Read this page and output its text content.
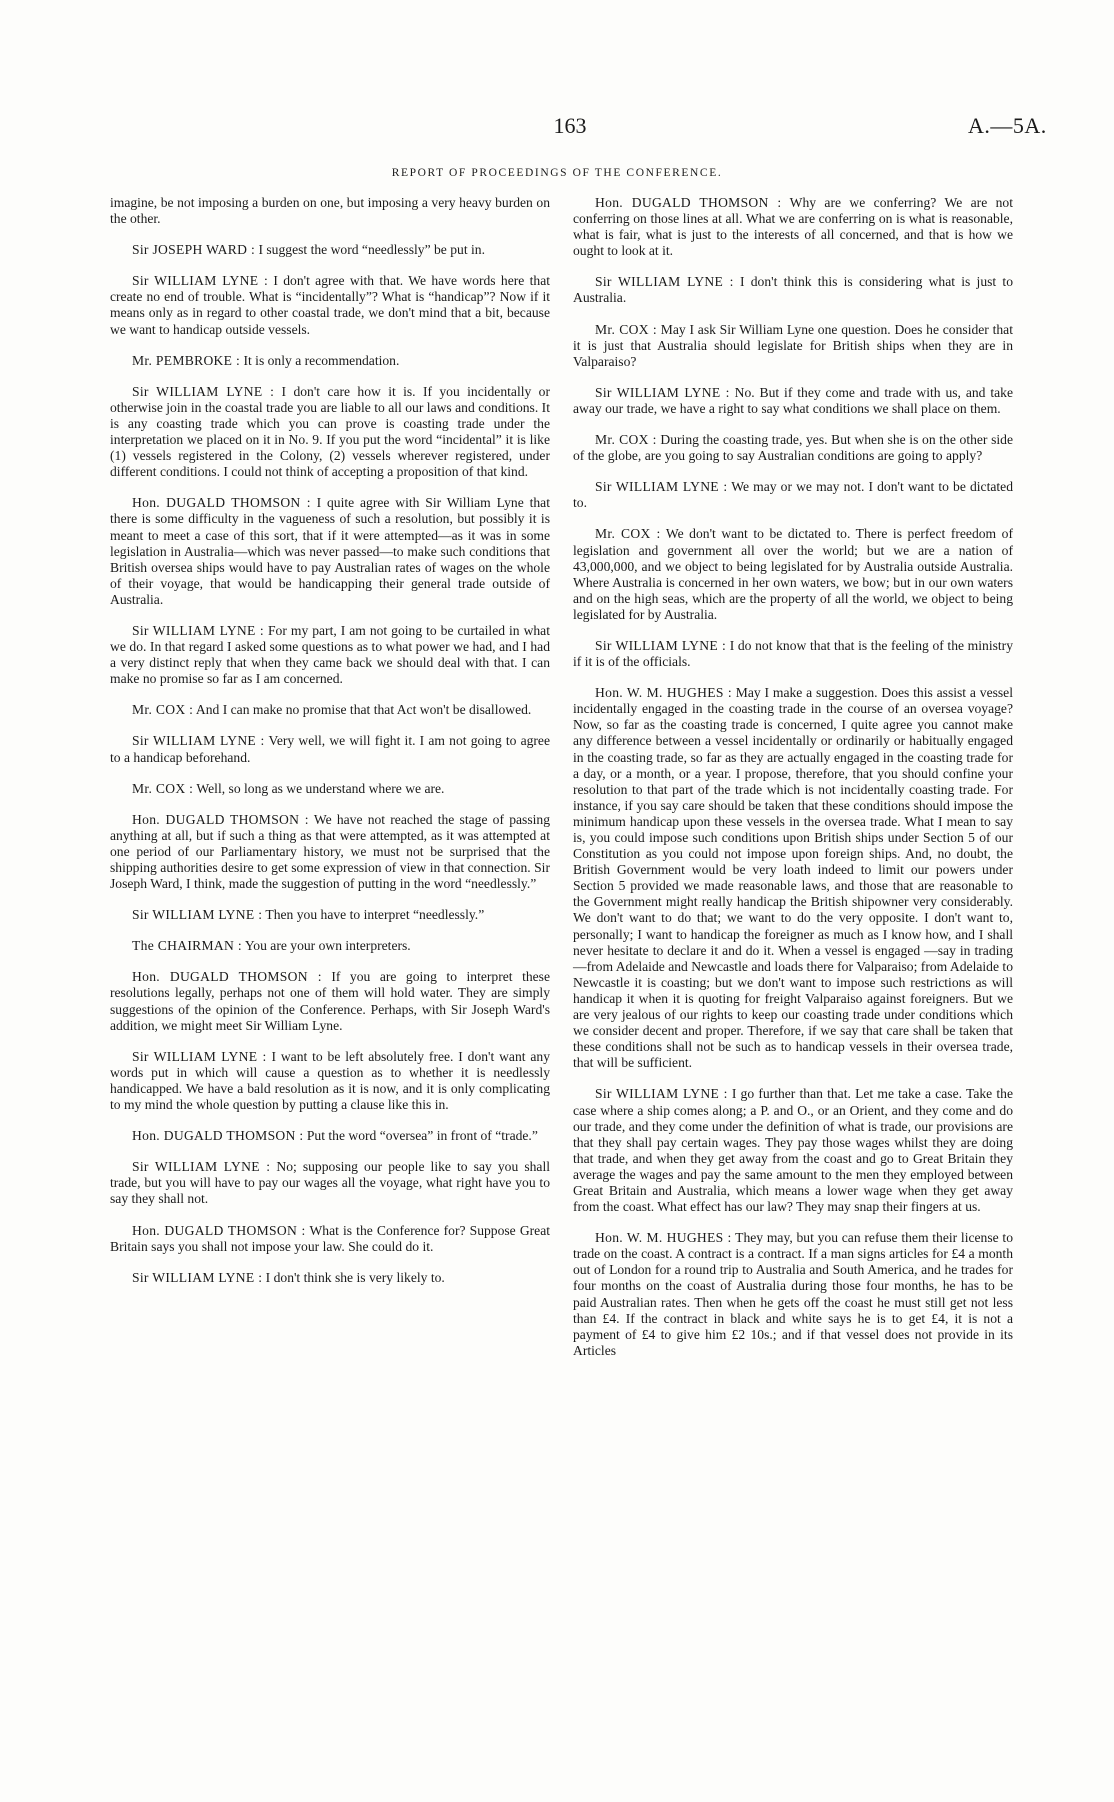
163	A.—5A.
REPORT OF PROCEEDINGS OF THE CONFERENCE.

imagine, be not imposing a burden on one, but imposing a very heavy burden on the other.

Sir JOSEPH WARD : I suggest the word “needlessly” be put in.

Sir WILLIAM LYNE : I don't agree with that. We have words here that create no end of trouble. What is “incidentally”? What is “handicap”? Now if it means only as in regard to other coastal trade, we don't mind that a bit, because we want to handicap outside vessels.

Mr. PEMBROKE : It is only a recommendation.

Sir WILLIAM LYNE : I don't care how it is. If you incidentally or otherwise join in the coastal trade you are liable to all our laws and conditions. It is any coasting trade which you can prove is coasting trade under the interpretation we placed on it in No. 9. If you put the word “incidental” it is like (1) vessels registered in the Colony, (2) vessels wherever registered, under different conditions. I could not think of accepting a proposition of that kind.

Hon. DUGALD THOMSON : I quite agree with Sir William Lyne that there is some difficulty in the vagueness of such a resolution, but possibly it is meant to meet a case of this sort, that if it were attempted—as it was in some legislation in Australia—which was never passed—to make such conditions that British oversea ships would have to pay Australian rates of wages on the whole of their voyage, that would be handicapping their general trade outside of Australia.

Sir WILLIAM LYNE : For my part, I am not going to be curtailed in what we do. In that regard I asked some questions as to what power we had, and I had a very distinct reply that when they came back we should deal with that. I can make no promise so far as I am concerned.

Mr. COX : And I can make no promise that that Act won't be disallowed.

Sir WILLIAM LYNE : Very well, we will fight it. I am not going to agree to a handicap beforehand.

Mr. COX : Well, so long as we understand where we are.

Hon. DUGALD THOMSON : We have not reached the stage of passing anything at all, but if such a thing as that were attempted, as it was attempted at one period of our Parliamentary history, we must not be surprised that the shipping authorities desire to get some expression of view in that connection. Sir Joseph Ward, I think, made the suggestion of putting in the word “needlessly.”

Sir WILLIAM LYNE : Then you have to interpret “needlessly.”

The CHAIRMAN : You are your own interpreters.

Hon. DUGALD THOMSON : If you are going to interpret these resolutions legally, perhaps not one of them will hold water. They are simply suggestions of the opinion of the Conference. Perhaps, with Sir Joseph Ward's addition, we might meet Sir William Lyne.

Sir WILLIAM LYNE : I want to be left absolutely free. I don't want any words put in which will cause a question as to whether it is needlessly handicapped. We have a bald resolution as it is now, and it is only complicating to my mind the whole question by putting a clause like this in.

Hon. DUGALD THOMSON : Put the word “oversea” in front of “trade.”

Sir WILLIAM LYNE : No; supposing our people like to say you shall trade, but you will have to pay our wages all the voyage, what right have you to say they shall not.

Hon. DUGALD THOMSON : What is the Conference for? Suppose Great Britain says you shall not impose your law. She could do it.

Sir WILLIAM LYNE : I don't think she is very likely to.

Hon. DUGALD THOMSON : Why are we conferring? We are not conferring on those lines at all. What we are conferring on is what is reasonable, what is fair, what is just to the interests of all concerned, and that is how we ought to look at it.

Sir WILLIAM LYNE : I don't think this is considering what is just to Australia.

Mr. COX : May I ask Sir William Lyne one question. Does he consider that it is just that Australia should legislate for British ships when they are in Valparaiso?

Sir WILLIAM LYNE : No. But if they come and trade with us, and take away our trade, we have a right to say what conditions we shall place on them.

Mr. COX : During the coasting trade, yes. But when she is on the other side of the globe, are you going to say Australian conditions are going to apply?

Sir WILLIAM LYNE : We may or we may not. I don't want to be dictated to.

Mr. COX : We don't want to be dictated to. There is perfect freedom of legislation and government all over the world; but we are a nation of 43,000,000, and we object to being legislated for by Australia outside Australia. Where Australia is concerned in her own waters, we bow; but in our own waters and on the high seas, which are the property of all the world, we object to being legislated for by Australia.

Sir WILLIAM LYNE : I do not know that that is the feeling of the ministry if it is of the officials.

Hon. W. M. HUGHES : May I make a suggestion. Does this assist a vessel incidentally engaged in the coasting trade in the course of an oversea voyage? Now, so far as the coasting trade is concerned, I quite agree you cannot make any difference between a vessel incidentally or ordinarily or habitually engaged in the coasting trade, so far as they are actually engaged in the coasting trade for a day, or a month, or a year. I propose, therefore, that you should confine your resolution to that part of the trade which is not incidentally coasting trade. For instance, if you say care should be taken that these conditions should impose the minimum handicap upon these vessels in the oversea trade. What I mean to say is, you could impose such conditions upon British ships under Section 5 of our Constitution as you could not impose upon foreign ships. And, no doubt, the British Government would be very loath indeed to limit our powers under Section 5 provided we made reasonable laws, and those that are reasonable to the Government might really handicap the British shipowner very considerably. We don't want to do that; we want to do the very opposite. I don't want to, personally; I want to handicap the foreigner as much as I know how, and I shall never hesitate to declare it and do it. When a vessel is engaged —say in trading—from Adelaide and Newcastle and loads there for Valparaiso; from Adelaide to Newcastle it is coasting; but we don't want to impose such restrictions as will handicap it when it is quoting for freight Valparaiso against foreigners. But we are very jealous of our rights to keep our coasting trade under conditions which we consider decent and proper. Therefore, if we say that care shall be taken that these conditions shall not be such as to handicap vessels in their oversea trade, that will be sufficient.

Sir WILLIAM LYNE : I go further than that. Let me take a case. Take the case where a ship comes along; a P. and O., or an Orient, and they come and do our trade, and they come under the definition of what is trade, our provisions are that they shall pay certain wages. They pay those wages whilst they are doing that trade, and when they get away from the coast and go to Great Britain they average the wages and pay the same amount to the men they employed between Great Britain and Australia, which means a lower wage when they get away from the coast. What effect has our law? They may snap their fingers at us.

Hon. W. M. HUGHES : They may, but you can refuse them their license to trade on the coast. A contract is a contract. If a man signs articles for £4 a month out of London for a round trip to Australia and South America, and he trades for four months on the coast of Australia during those four months, he has to be paid Australian rates. Then when he gets off the coast he must still get not less than £4. If the contract in black and white says he is to get £4, it is not a payment of £4 to give him £2 10s.; and if that vessel does not provide in its Articles
